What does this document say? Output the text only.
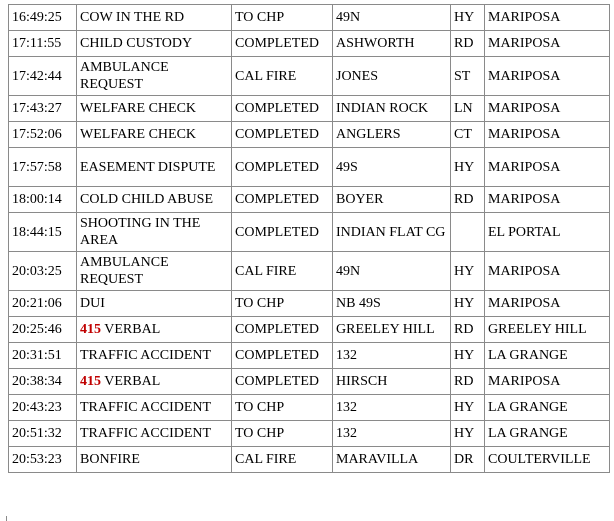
16:49:25	COW IN THE RD	TO CHP	49N	HY	MARIPOSA
17:11:55	CHILD CUSTODY	COMPLETED	ASHWORTH	RD	MARIPOSA
17:42:44	AMBULANCE REQUEST	CAL FIRE	JONES	ST	MARIPOSA
17:43:27	WELFARE CHECK	COMPLETED	INDIAN ROCK	LN	MARIPOSA
17:52:06	WELFARE CHECK	COMPLETED	ANGLERS	CT	MARIPOSA
17:57:58	EASEMENT DISPUTE	COMPLETED	49S	HY	MARIPOSA
18:00:14	COLD CHILD ABUSE	COMPLETED	BOYER	RD	MARIPOSA
18:44:15	SHOOTING IN THE AREA	COMPLETED	INDIAN FLAT CG		EL PORTAL
20:03:25	AMBULANCE REQUEST	CAL FIRE	49N	HY	MARIPOSA
20:21:06	DUI	TO CHP	NB 49S	HY	MARIPOSA
20:25:46	415 VERBAL	COMPLETED	GREELEY HILL	RD	GREELEY HILL
20:31:51	TRAFFIC ACCIDENT	COMPLETED	132	HY	LA GRANGE
20:38:34	415 VERBAL	COMPLETED	HIRSCH	RD	MARIPOSA
20:43:23	TRAFFIC ACCIDENT	TO CHP	132	HY	LA GRANGE
20:51:32	TRAFFIC ACCIDENT	TO CHP	132	HY	LA GRANGE
20:53:23	BONFIRE	CAL FIRE	MARAVILLA	DR	COULTERVILLE
